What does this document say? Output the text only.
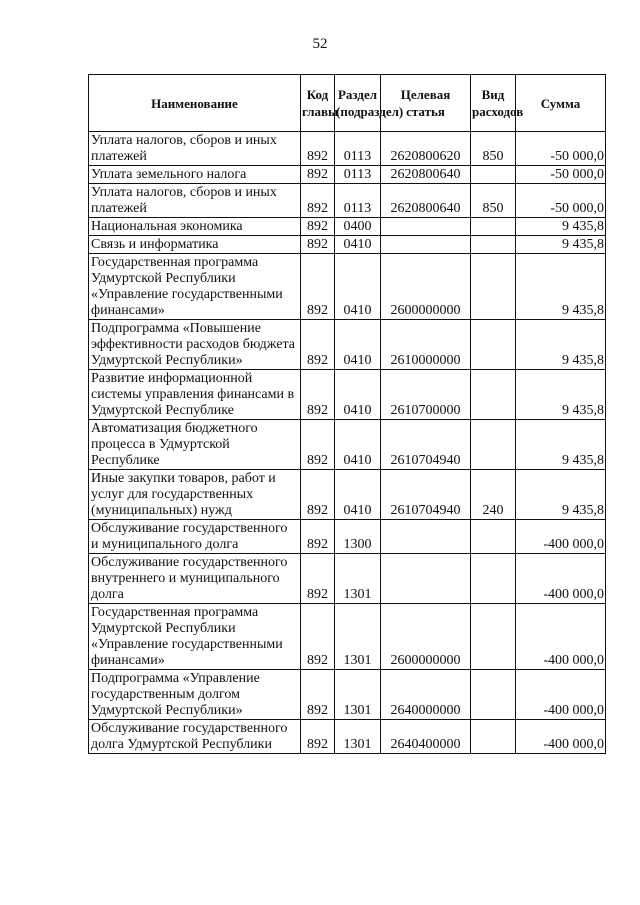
52
Наименование	Код главы	Раздел (подраздел)	Целевая статья	Вид расходов	Сумма
Уплата налогов, сборов и иных платежей	892	0113	2620800620	850	-50 000,0
Уплата земельного налога	892	0113	2620800640		-50 000,0
Уплата налогов, сборов и иных платежей	892	0113	2620800640	850	-50 000,0
Национальная экономика	892	0400			9 435,8
Связь и информатика	892	0410			9 435,8
Государственная программа Удмуртской Республики «Управление государственными финансами»	892	0410	2600000000		9 435,8
Подпрограмма «Повышение эффективности расходов бюджета Удмуртской Республики»	892	0410	2610000000		9 435,8
Развитие информационной системы управления финансами в Удмуртской Республике	892	0410	2610700000		9 435,8
Автоматизация бюджетного процесса в Удмуртской Республике	892	0410	2610704940		9 435,8
Иные закупки товаров, работ и услуг для государственных (муниципальных) нужд	892	0410	2610704940	240	9 435,8
Обслуживание государственного и муниципального долга	892	1300			-400 000,0
Обслуживание государственного внутреннего и муниципального долга	892	1301			-400 000,0
Государственная программа Удмуртской Республики «Управление государственными финансами»	892	1301	2600000000		-400 000,0
Подпрограмма «Управление государственным долгом Удмуртской Республики»	892	1301	2640000000		-400 000,0
Обслуживание государственного долга Удмуртской Республики	892	1301	2640400000		-400 000,0
